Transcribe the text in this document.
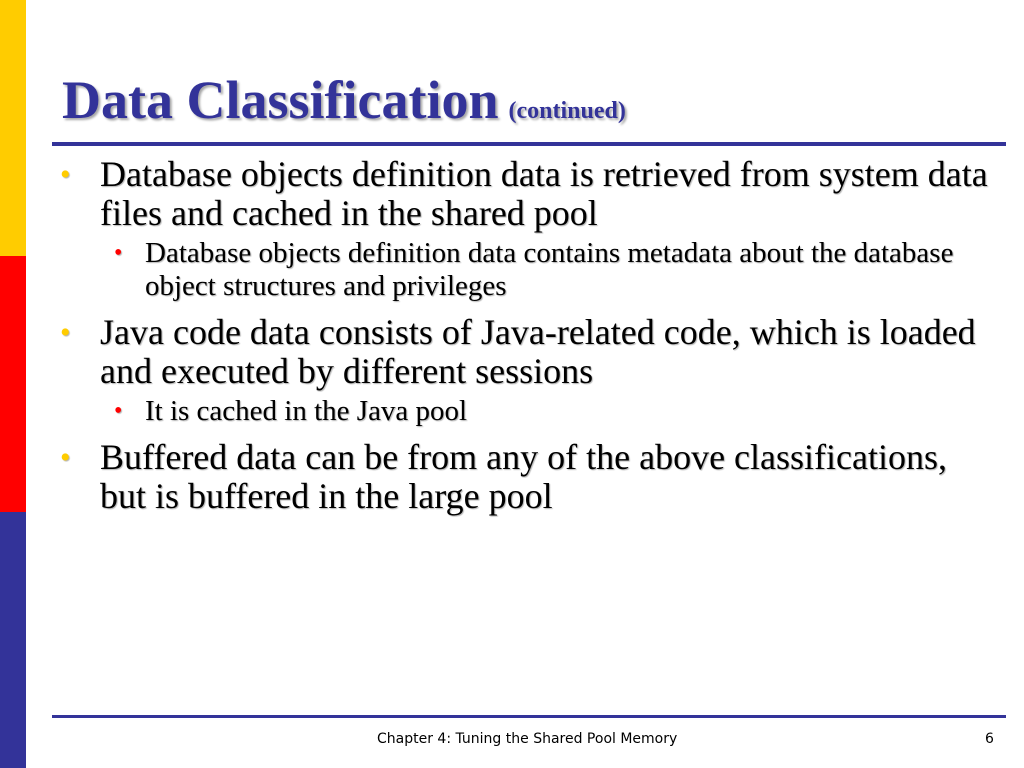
Data Classification (continued)
• Database objects definition data is retrieved from system data files and cached in the shared pool
• Database objects definition data contains metadata about the database object structures and privileges
• Java code data consists of Java-related code, which is loaded and executed by different sessions
• It is cached in the Java pool
• Buffered data can be from any of the above classifications, but is buffered in the large pool
Chapter 4: Tuning the Shared Pool Memory	6
